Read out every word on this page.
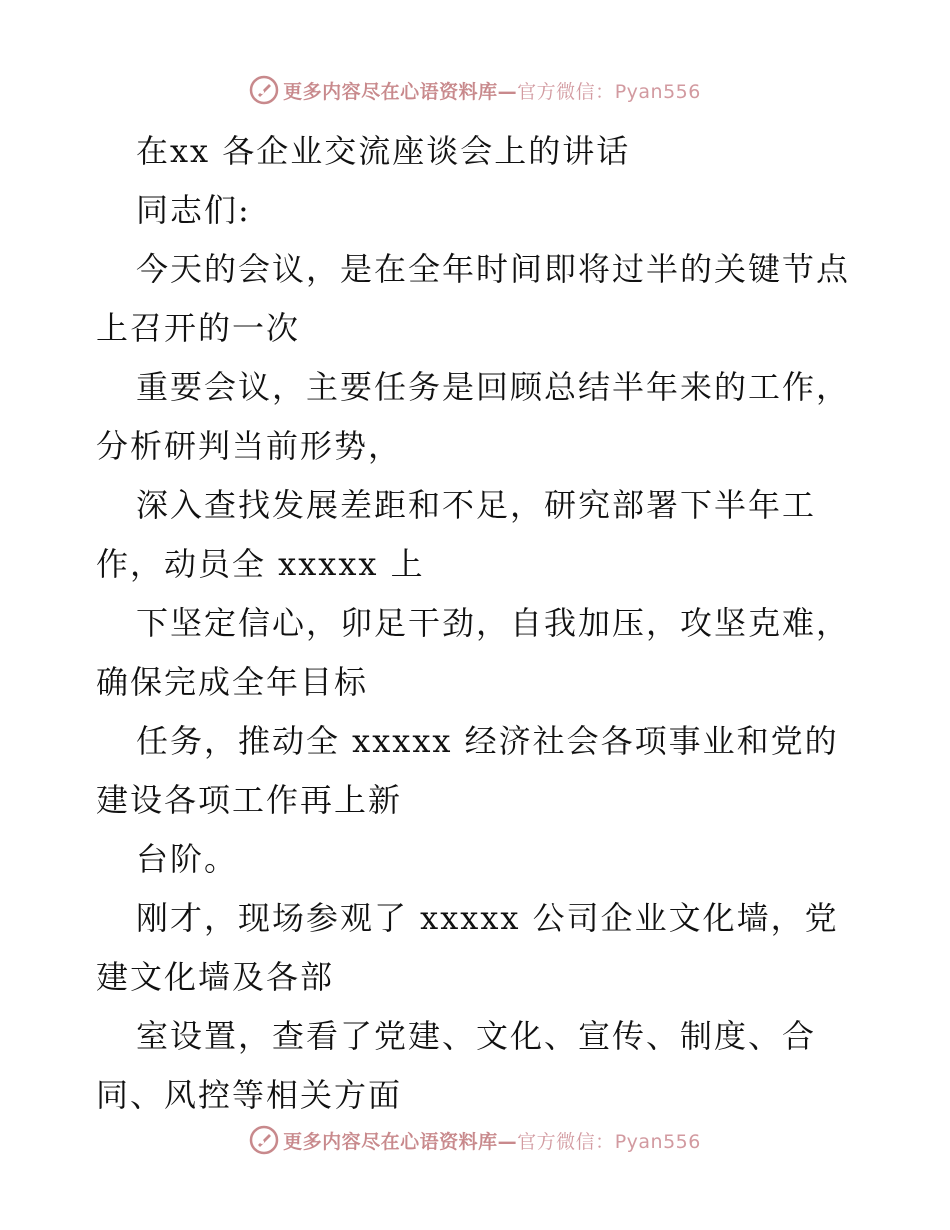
更多内容尽在心语资料库—官方微信：Pyan556
在xx 各企业交流座谈会上的讲话
同志们:
今天的会议，是在全年时间即将过半的关键节点
上召开的一次
重要会议，主要任务是回顾总结半年来的工作，
分析研判当前形势，
深入查找发展差距和不足，研究部署下半年工
作，动员全 xxxxx 上
下坚定信心，卯足干劲，自我加压，攻坚克难，
确保完成全年目标
任务，推动全 xxxxx 经济社会各项事业和党的
建设各项工作再上新
台阶。
刚才，现场参观了 xxxxx 公司企业文化墙，党
建文化墙及各部
室设置，查看了党建、文化、宣传、制度、合
同、风控等相关方面
更多内容尽在心语资料库—官方微信：Pyan556
